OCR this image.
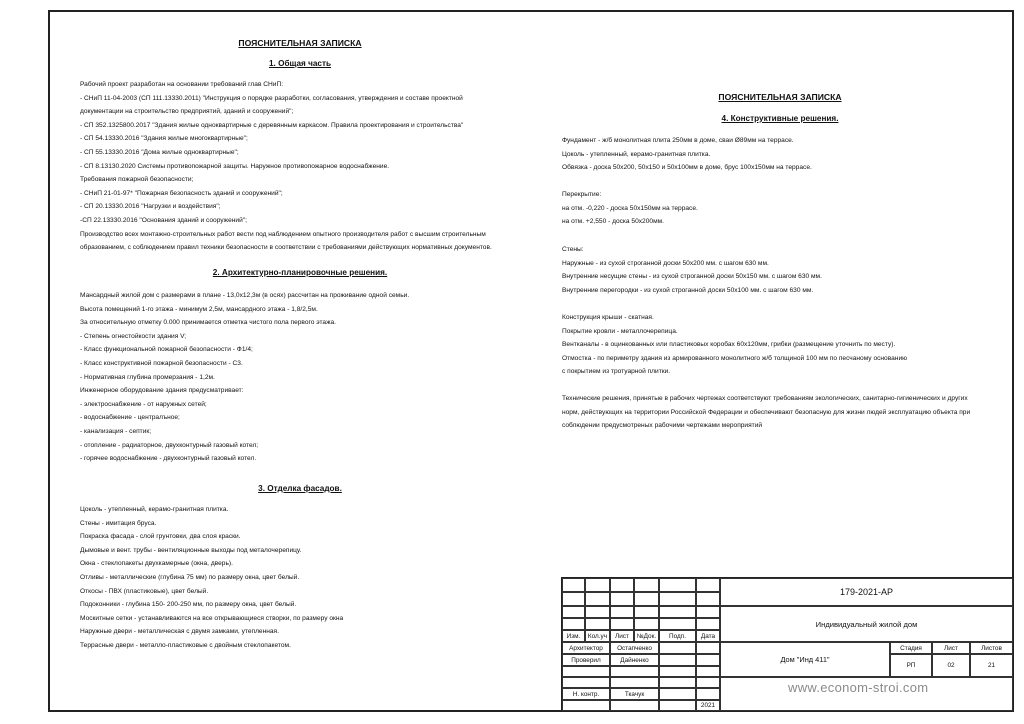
ПОЯСНИТЕЛЬНАЯ ЗАПИСКА
1. Общая часть

Рабочий проект разработан на основании требований глав СНиП:

- СНиП 11-04-2003 (СП 111.13330.2011) "Инструкция о порядке разработки, согласования, утверждения и составе проектной

документации на строительство предприятий, зданий и сооружений";

- СП 352.1325800.2017 "Здания жилые одноквартирные с деревянным каркасом. Правила проектирования и строительства"

- СП 54.13330.2016 "Здания жилые многоквартирные";

- СП 55.13330.2016 "Дома жилые одноквартирные";

- СП 8.13130.2020 Системы противопожарной защиты. Наружное противопожарное водоснабжение.

Требования пожарной безопасности;

- СНиП 21-01-97* "Пожарная безопасность зданий и сооружений";

- СП 20.13330.2016 "Нагрузки и воздействия";

-СП 22.13330.2016 "Основания зданий и сооружений";

Производство всех монтажно-строительных работ вести под наблюдением опытного производителя работ с высшим строительным

образованием, с соблюдением правил техники безопасности в соответствии с требованиями действующих нормативных документов.

2. Архитектурно-планировочные решения.

Мансардный жилой дом с размерами в плане - 13,0х12,3м (в осях) рассчитан на проживание одной семьи.

Высота помещений 1-го этажа - минимум 2,5м, мансардного этажа - 1,8/2,5м.

За относительную отметку 0.000 принимается отметка чистого пола первого этажа.

- Степень огнестойкости здания V;

- Класс функциональной пожарной безопасности - Ф1/4;

- Класс конструктивной пожарной безопасности - С3.

- Нормативная глубина промерзания - 1,2м.

Инженерное оборудование здания предусматривает:

- электроснабжение - от наружных сетей;

- водоснабжение - централъное;

- канализация - септик;

- отопление - радиаторное, двухконтурный газовый котел;

- горячее водоснабжение - двухконтурный газовый котел.

3. Отделка фасадов.

Цоколь - утепленный, керамо-гранитная плитка.

Стены - имитация бруса.

Покраска фасада - слой грунтовки, два слоя краски.

Дымовые и вент. трубы - вентиляционные выходы под металочерепицу.

Окна - стеклопакеты двухкамерные (окна, дверь).

Отливы - металлические (глубина 75 мм) по размеру окна, цвет белый.

Откосы - ПВХ (пластиковые), цвет белый.

Подоконники - глубина 150- 200-250 мм, по размеру окна, цвет белый.

Москитные сетки - устанавливаются на все открывающиеся створки, по размеру окна

Наружные двери - металлическая с двумя замками, утепленная.

Террасные двери - металло-пластиковые с двойным стеклопакетом.

ПОЯСНИТЕЛЬНАЯ ЗАПИСКА
4. Конструктивные решения.

Фундамент - ж/б монолитная плита 250мм в доме, сваи Ø89мм на террасе.

Цоколь - утепленный, керамо-гранитная плитка.

Обвязка - доска 50х200, 50х150 и 50х100мм в доме, брус 100х150мм на террасе.

Перекрытие:

на отм. -0,220 - доска 50х150мм на террасе.

на отм. +2,550 - доска 50х200мм.

Стены:

Наружные - из сухой строганной доски 50х200 мм. с шагом 630 мм.

Внутренние несущие стены - из сухой строганной доски 50х150 мм. с шагом 630 мм.

Внутренние перегородки - из сухой строганной доски 50х100 мм. с шагом 630 мм.

Конструкция крыши - скатная.

Покрытие кровли - металлочерепица.

Вентканалы - в оцинкованных или пластиковых коробах 60х120мм, грибки (размещение уточнить по месту).

Отмостка - по периметру здания из армированного монолитного ж/б толщиной 100 мм по песчаному основанию

с покрытием из тротуарной плитки.

Технические решения, принятые в рабочих чертежах соответствуют требованиям экологических, санитарно-гигиенических и других

норм, действующих на территории Российской Федерации и обеспечивают безопасную для жизни людей эксплуатацию объекта при

соблюдении предусмотреных рабочими чертежами мероприятий

Изм.	Кол.уч	Лист	№Док.	Подп.	Дата
Архитектор	Остапченко
Проверил	Дайненко
Н. контр.	Ткачук
2021
179-2021-АР
Индивидуальный жилой дом
Дом "Инд 411"
Стадия	Лист	Листов
РП	02	21
www.econom-stroi.com
